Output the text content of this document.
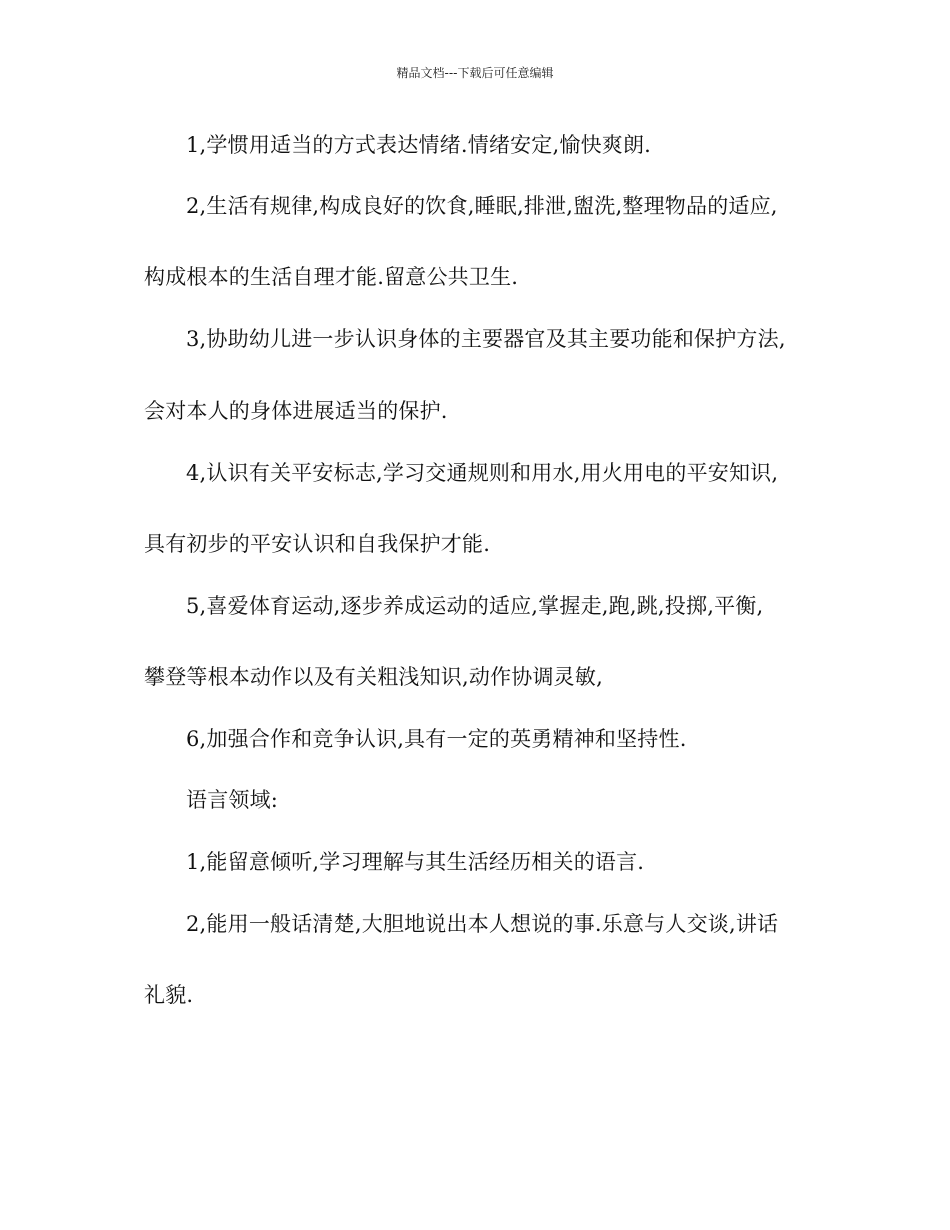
精品文档---下载后可任意编辑
1,学惯用适当的方式表达情绪.情绪安定,愉快爽朗.
2,生活有规律,构成良好的饮食,睡眠,排泄,盥洗,整理物品的适应,
构成根本的生活自理才能.留意公共卫生.
3,协助幼儿进一步认识身体的主要器官及其主要功能和保护方法,
会对本人的身体进展适当的保护.
4,认识有关平安标志,学习交通规则和用水,用火用电的平安知识,
具有初步的平安认识和自我保护才能.
5,喜爱体育运动,逐步养成运动的适应,掌握走,跑,跳,投掷,平衡,
攀登等根本动作以及有关粗浅知识,动作协调灵敏,
6,加强合作和竞争认识,具有一定的英勇精神和坚持性.
语言领域:
1,能留意倾听,学习理解与其生活经历相关的语言.
2,能用一般话清楚,大胆地说出本人想说的事.乐意与人交谈,讲话
礼貌.
